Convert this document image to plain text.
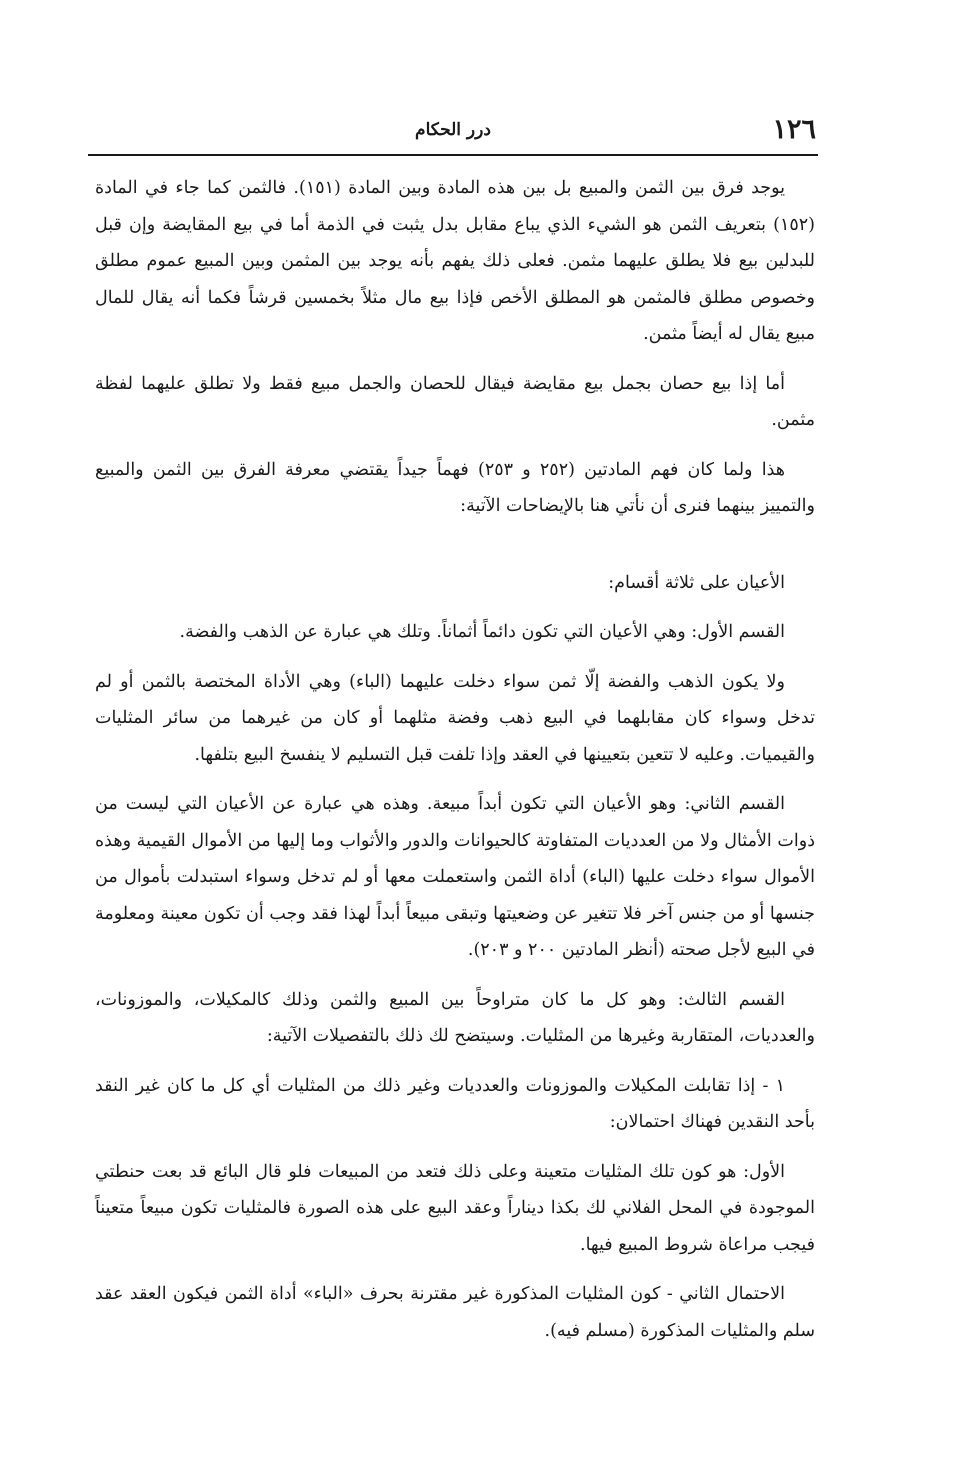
١٢٦
درر الحكام

يوجد فرق بين الثمن والمبيع بل بين هذه المادة وبين المادة (١٥١). فالثمن كما جاء في المادة (١٥٢) بتعريف الثمن هو الشيء الذي يباع مقابل بدل يثبت في الذمة أما في بيع المقايضة وإن قبل للبدلين بيع فلا يطلق عليهما مثمن. فعلى ذلك يفهم بأنه يوجد بين المثمن وبين المبيع عموم مطلق وخصوص مطلق فالمثمن هو المطلق الأخص فإذا بيع مال مثلاً بخمسين قرشاً فكما أنه يقال للمال مبيع يقال له أيضاً مثمن.

أما إذا بيع حصان بجمل بيع مقايضة فيقال للحصان والجمل مبيع فقط ولا تطلق عليهما لفظة مثمن.

هذا ولما كان فهم المادتين (٢٥٢ و ٢٥٣) فهماً جيداً يقتضي معرفة الفرق بين الثمن والمبيع والتمييز بينهما فنرى أن نأتي هنا بالإيضاحات الآتية:

الأعيان على ثلاثة أقسام:

القسم الأول: وهي الأعيان التي تكون دائماً أثماناً. وتلك هي عبارة عن الذهب والفضة.

ولا يكون الذهب والفضة إلّا ثمن سواء دخلت عليهما (الباء) وهي الأداة المختصة بالثمن أو لم تدخل وسواء كان مقابلهما في البيع ذهب وفضة مثلهما أو كان من غيرهما من سائر المثليات والقيميات. وعليه لا تتعين بتعيينها في العقد وإذا تلفت قبل التسليم لا ينفسخ البيع بتلفها.

القسم الثاني: وهو الأعيان التي تكون أبداً مبيعة. وهذه هي عبارة عن الأعيان التي ليست من ذوات الأمثال ولا من العدديات المتفاوتة كالحيوانات والدور والأثواب وما إليها من الأموال القيمية وهذه الأموال سواء دخلت عليها (الباء) أداة الثمن واستعملت معها أو لم تدخل وسواء استبدلت بأموال من جنسها أو من جنس آخر فلا تتغير عن وضعيتها وتبقى مبيعاً أبداً لهذا فقد وجب أن تكون معينة ومعلومة في البيع لأجل صحته (أنظر المادتين ٢٠٠ و ٢٠٣).

القسم الثالث: وهو كل ما كان متراوحاً بين المبيع والثمن وذلك كالمكيلات، والموزونات، والعدديات، المتقاربة وغيرها من المثليات. وسيتضح لك ذلك بالتفصيلات الآتية:

١ - إذا تقابلت المكيلات والموزونات والعدديات وغير ذلك من المثليات أي كل ما كان غير النقد بأحد النقدين فهناك احتمالان:

الأول: هو كون تلك المثليات متعينة وعلى ذلك فتعد من المبيعات فلو قال البائع قد بعت حنطتي الموجودة في المحل الفلاني لك بكذا ديناراً وعقد البيع على هذه الصورة فالمثليات تكون مبيعاً متعيناً فيجب مراعاة شروط المبيع فيها.

الاحتمال الثاني - كون المثليات المذكورة غير مقترنة بحرف «الباء» أداة الثمن فيكون العقد عقد سلم والمثليات المذكورة (مسلم فيه).
